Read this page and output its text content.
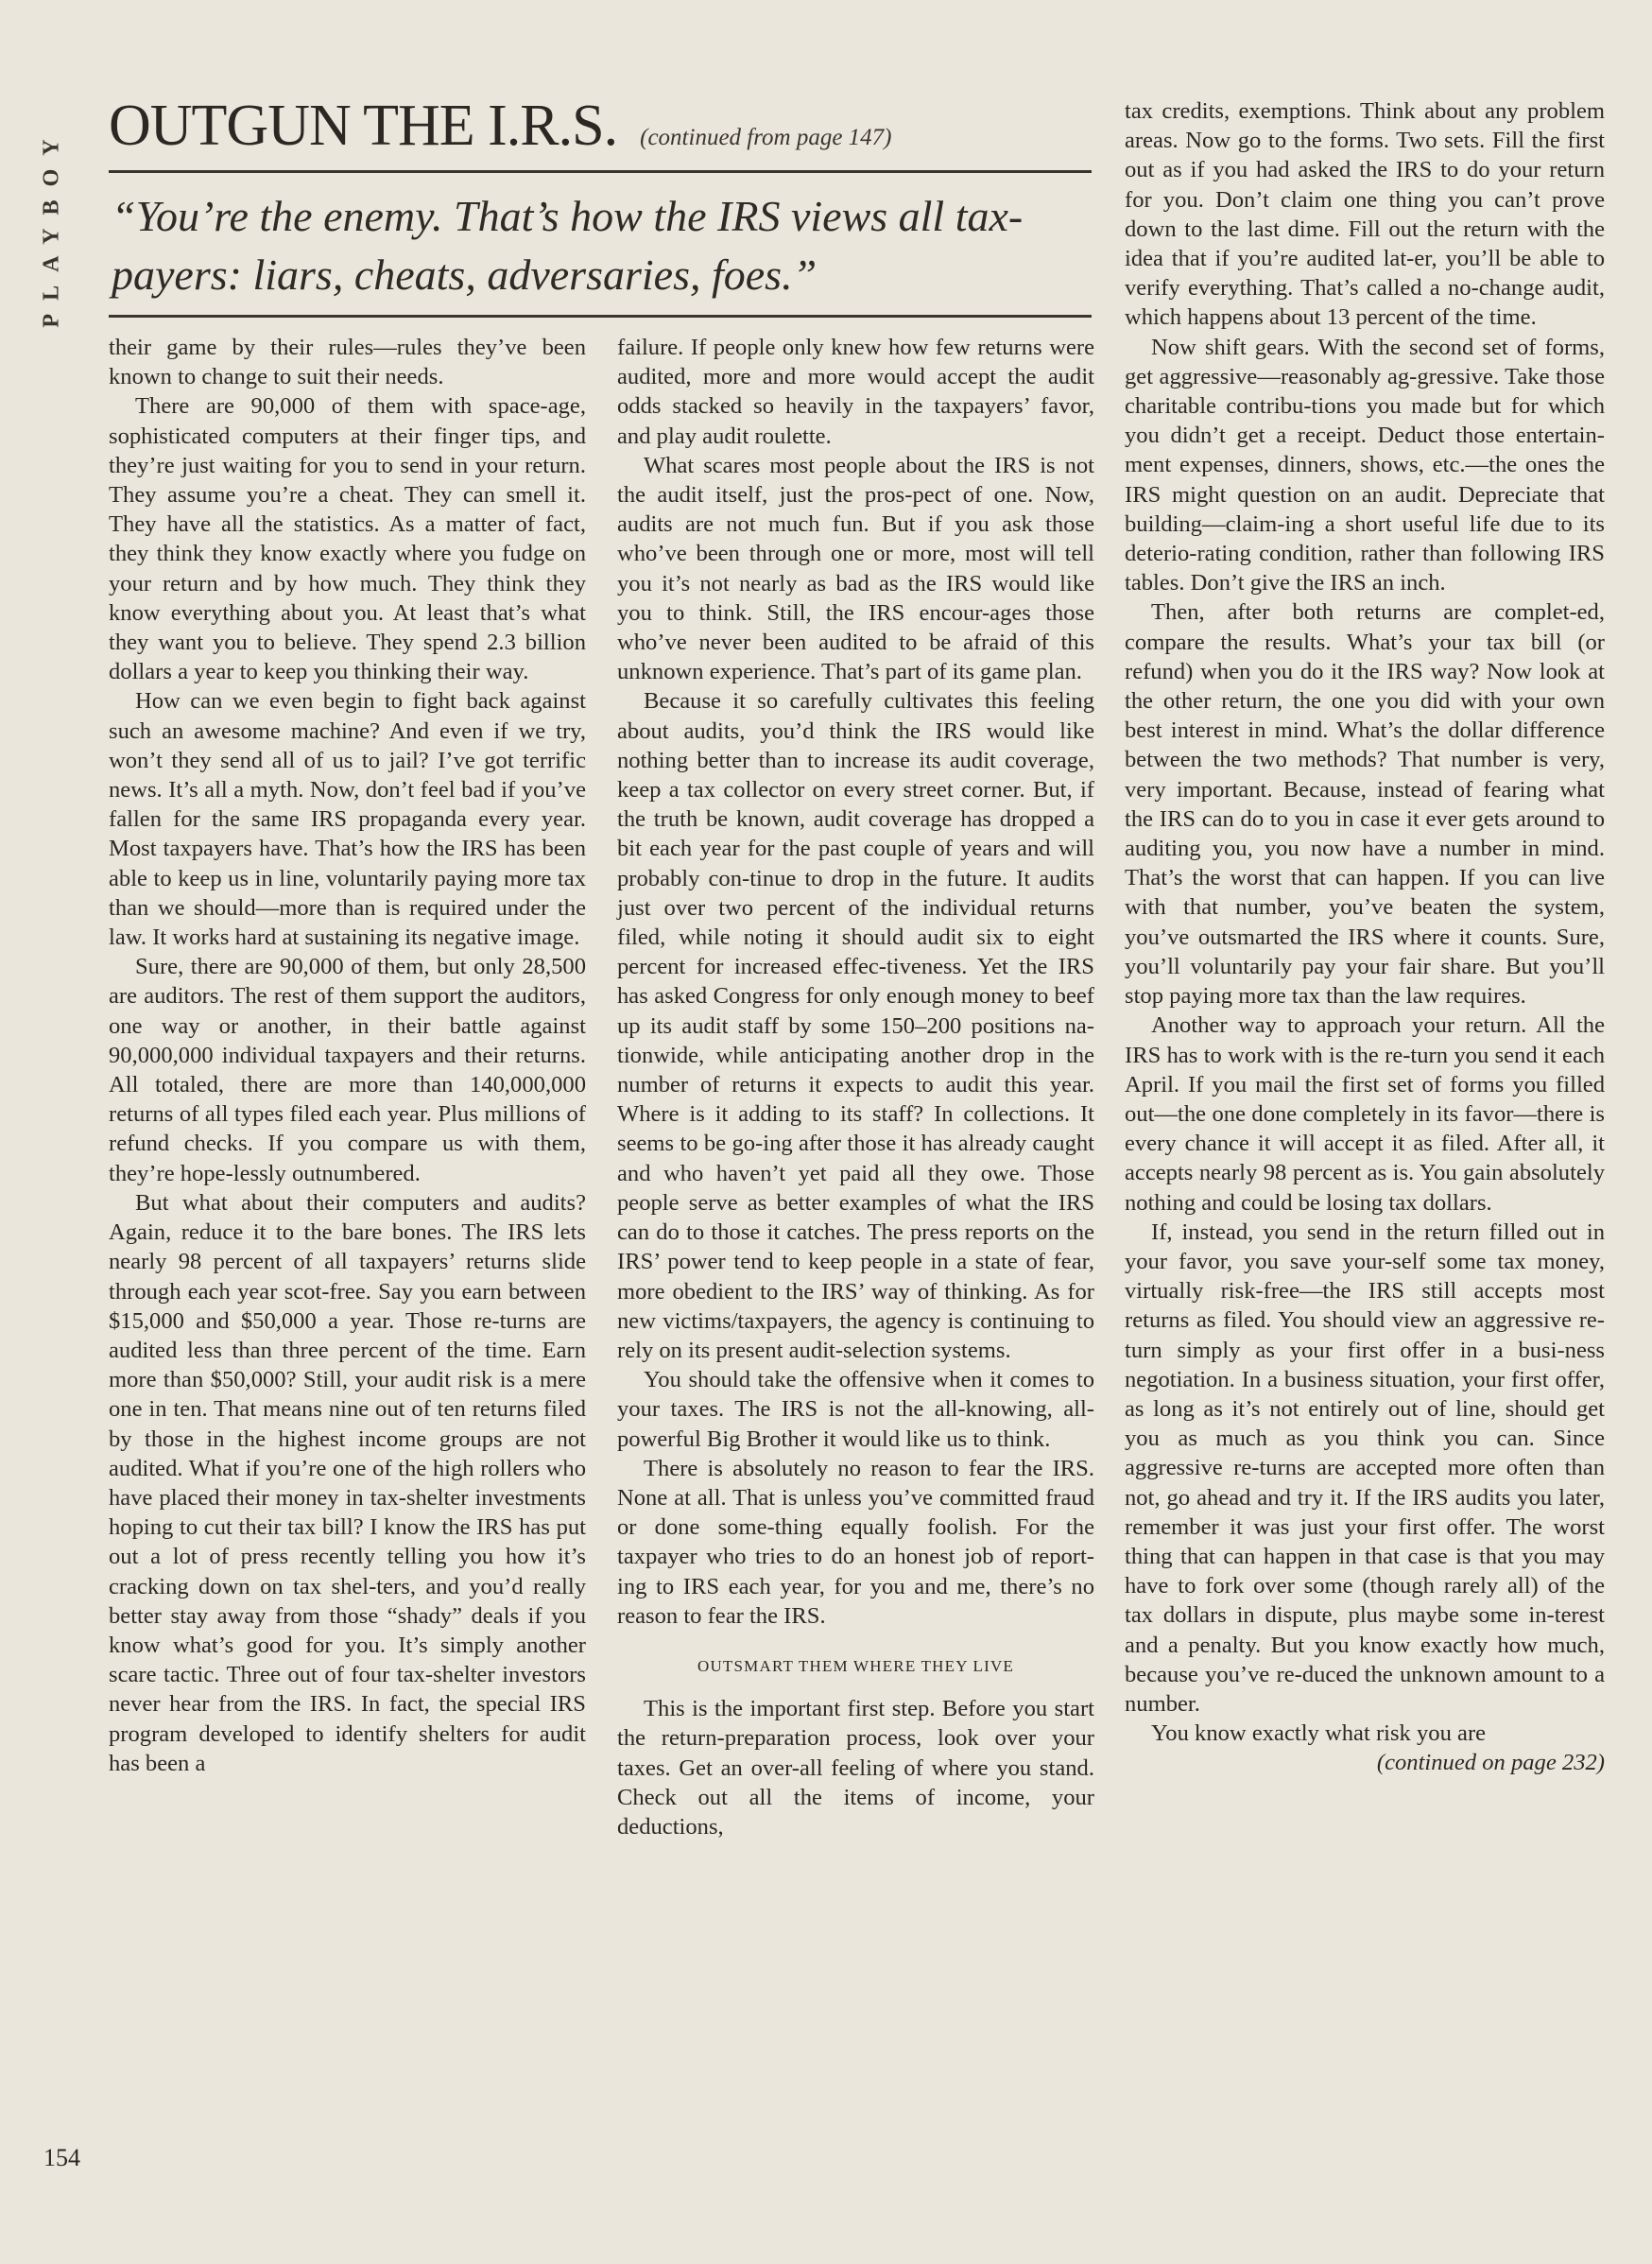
PLAYBOY
OUTGUN THE I.R.S. (continued from page 147)
“You’re the enemy. That’s how the IRS views all tax-payers: liars, cheats, adversaries, foes.”

their game by their rules—rules they’ve been known to change to suit their needs.

There are 90,000 of them with space-age, sophisticated computers at their finger tips, and they’re just waiting for you to send in your return. They assume you’re a cheat. They can smell it. They have all the statistics. As a matter of fact, they think they know exactly where you fudge on your return and by how much. They think they know everything about you. At least that’s what they want you to believe. They spend 2.3 billion dollars a year to keep you thinking their way.

How can we even begin to fight back against such an awesome machine? And even if we try, won’t they send all of us to jail? I’ve got terrific news. It’s all a myth. Now, don’t feel bad if you’ve fallen for the same IRS propaganda every year. Most taxpayers have. That’s how the IRS has been able to keep us in line, voluntarily paying more tax than we should—more than is required under the law. It works hard at sustaining its negative image.

Sure, there are 90,000 of them, but only 28,500 are auditors. The rest of them support the auditors, one way or another, in their battle against 90,000,000 individual taxpayers and their returns. All totaled, there are more than 140,000,000 returns of all types filed each year. Plus millions of refund checks. If you compare us with them, they’re hope-lessly outnumbered.

But what about their computers and audits? Again, reduce it to the bare bones. The IRS lets nearly 98 percent of all taxpayers’ returns slide through each year scot-free. Say you earn between $15,000 and $50,000 a year. Those re-turns are audited less than three percent of the time. Earn more than $50,000? Still, your audit risk is a mere one in ten. That means nine out of ten returns filed by those in the highest income groups are not audited. What if you’re one of the high rollers who have placed their money in tax-shelter investments hoping to cut their tax bill? I know the IRS has put out a lot of press recently telling you how it’s cracking down on tax shel-ters, and you’d really better stay away from those “shady” deals if you know what’s good for you. It’s simply another scare tactic. Three out of four tax-shelter investors never hear from the IRS. In fact, the special IRS program developed to identify shelters for audit has been a

failure. If people only knew how few returns were audited, more and more would accept the audit odds stacked so heavily in the taxpayers’ favor, and play audit roulette.

What scares most people about the IRS is not the audit itself, just the pros-pect of one. Now, audits are not much fun. But if you ask those who’ve been through one or more, most will tell you it’s not nearly as bad as the IRS would like you to think. Still, the IRS encour-ages those who’ve never been audited to be afraid of this unknown experience. That’s part of its game plan.

Because it so carefully cultivates this feeling about audits, you’d think the IRS would like nothing better than to increase its audit coverage, keep a tax collector on every street corner. But, if the truth be known, audit coverage has dropped a bit each year for the past couple of years and will probably con-tinue to drop in the future. It audits just over two percent of the individual returns filed, while noting it should audit six to eight percent for increased effec-tiveness. Yet the IRS has asked Congress for only enough money to beef up its audit staff by some 150–200 positions na-tionwide, while anticipating another drop in the number of returns it expects to audit this year. Where is it adding to its staff? In collections. It seems to be go-ing after those it has already caught and who haven’t yet paid all they owe. Those people serve as better examples of what the IRS can do to those it catches. The press reports on the IRS’ power tend to keep people in a state of fear, more obedient to the IRS’ way of thinking. As for new victims/taxpayers, the agency is continuing to rely on its present audit-selection systems.

You should take the offensive when it comes to your taxes. The IRS is not the all-knowing, all-powerful Big Brother it would like us to think.

There is absolutely no reason to fear the IRS. None at all. That is unless you’ve committed fraud or done some-thing equally foolish. For the taxpayer who tries to do an honest job of report-ing to IRS each year, for you and me, there’s no reason to fear the IRS.

OUTSMART THEM WHERE THEY LIVE

This is the important first step. Before you start the return-preparation process, look over your taxes. Get an over-all feeling of where you stand. Check out all the items of income, your deductions,

tax credits, exemptions. Think about any problem areas. Now go to the forms. Two sets. Fill the first out as if you had asked the IRS to do your return for you. Don’t claim one thing you can’t prove down to the last dime. Fill out the return with the idea that if you’re audited lat-er, you’ll be able to verify everything. That’s called a no-change audit, which happens about 13 percent of the time.

Now shift gears. With the second set of forms, get aggressive—reasonably ag-gressive. Take those charitable contribu-tions you made but for which you didn’t get a receipt. Deduct those entertain-ment expenses, dinners, shows, etc.—the ones the IRS might question on an audit. Depreciate that building—claim-ing a short useful life due to its deterio-rating condition, rather than following IRS tables. Don’t give the IRS an inch.

Then, after both returns are complet-ed, compare the results. What’s your tax bill (or refund) when you do it the IRS way? Now look at the other return, the one you did with your own best interest in mind. What’s the dollar difference between the two methods? That number is very, very important. Because, instead of fearing what the IRS can do to you in case it ever gets around to auditing you, you now have a number in mind. That’s the worst that can happen. If you can live with that number, you’ve beaten the system, you’ve outsmarted the IRS where it counts. Sure, you’ll voluntarily pay your fair share. But you’ll stop paying more tax than the law requires.

Another way to approach your return. All the IRS has to work with is the re-turn you send it each April. If you mail the first set of forms you filled out—the one done completely in its favor—there is every chance it will accept it as filed. After all, it accepts nearly 98 percent as is. You gain absolutely nothing and could be losing tax dollars.

If, instead, you send in the return filled out in your favor, you save your-self some tax money, virtually risk-free—the IRS still accepts most returns as filed. You should view an aggressive re-turn simply as your first offer in a busi-ness negotiation. In a business situation, your first offer, as long as it’s not entirely out of line, should get you as much as you think you can. Since aggressive re-turns are accepted more often than not, go ahead and try it. If the IRS audits you later, remember it was just your first offer. The worst thing that can happen in that case is that you may have to fork over some (though rarely all) of the tax dollars in dispute, plus maybe some in-terest and a penalty. But you know exactly how much, because you’ve re-duced the unknown amount to a number.

You know exactly what risk you are

(continued on page 232)

154
